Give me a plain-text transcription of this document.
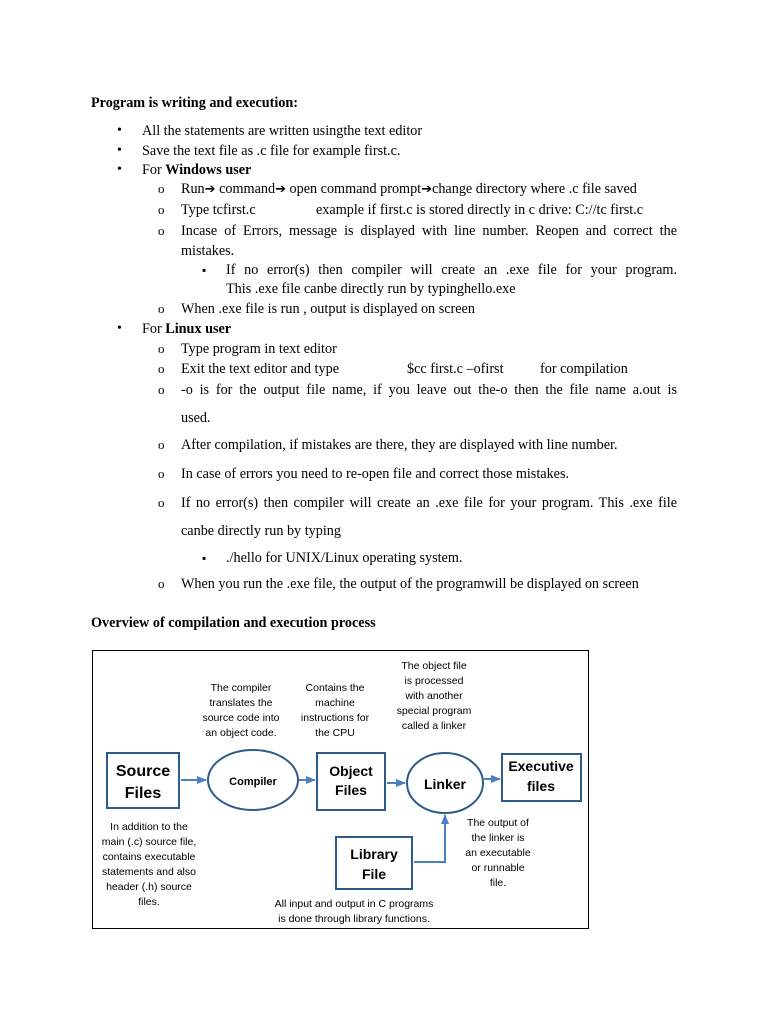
Program is writing and execution:
• All the statements are written usingthe text editor
• Save the text file as .c file for example first.c.
• For Windows user
o Run➔ command➔ open command prompt➔change directory where .c file saved
o Type tcfirst.c	example if first.c is stored directly in c drive: C://tc first.c
o Incase of Errors, message is displayed with line number. Reopen and correct the
mistakes.
▪ If no error(s) then compiler will create an .exe file for your program.
This .exe file canbe directly run by typinghello.exe
o When .exe file is run , output is displayed on screen
• For Linux user
o Type program in text editor
o Exit the text editor and type	$cc first.c –ofirst	for compilation
o -o is for the output file name, if you leave out the-o then the file name a.out is
used.
o After compilation, if mistakes are there, they are displayed with line number.
o In case of errors you need to re-open file and correct those mistakes.
o If no error(s) then compiler will create an .exe file for your program. This .exe file
canbe directly run by typing
▪ ./hello for UNIX/Linux operating system.
o When you run the .exe file, the output of the programwill be displayed on screen
Overview of compilation and execution process
Source
Files
Compiler
Object
Files	Linker
Executive
files
Library
File
The compiler
translates the
source code into
an object code.
Contains the
machine
instructions for
the CPU
The object file
is processed
with another
special program
called a linker
In addition to the
main (.c) source file,
contains executable
statements and also
header (.h) source
files.
The output of
the linker is
an executable
or runnable
file.
All input and output in C programs
is done through library functions.
